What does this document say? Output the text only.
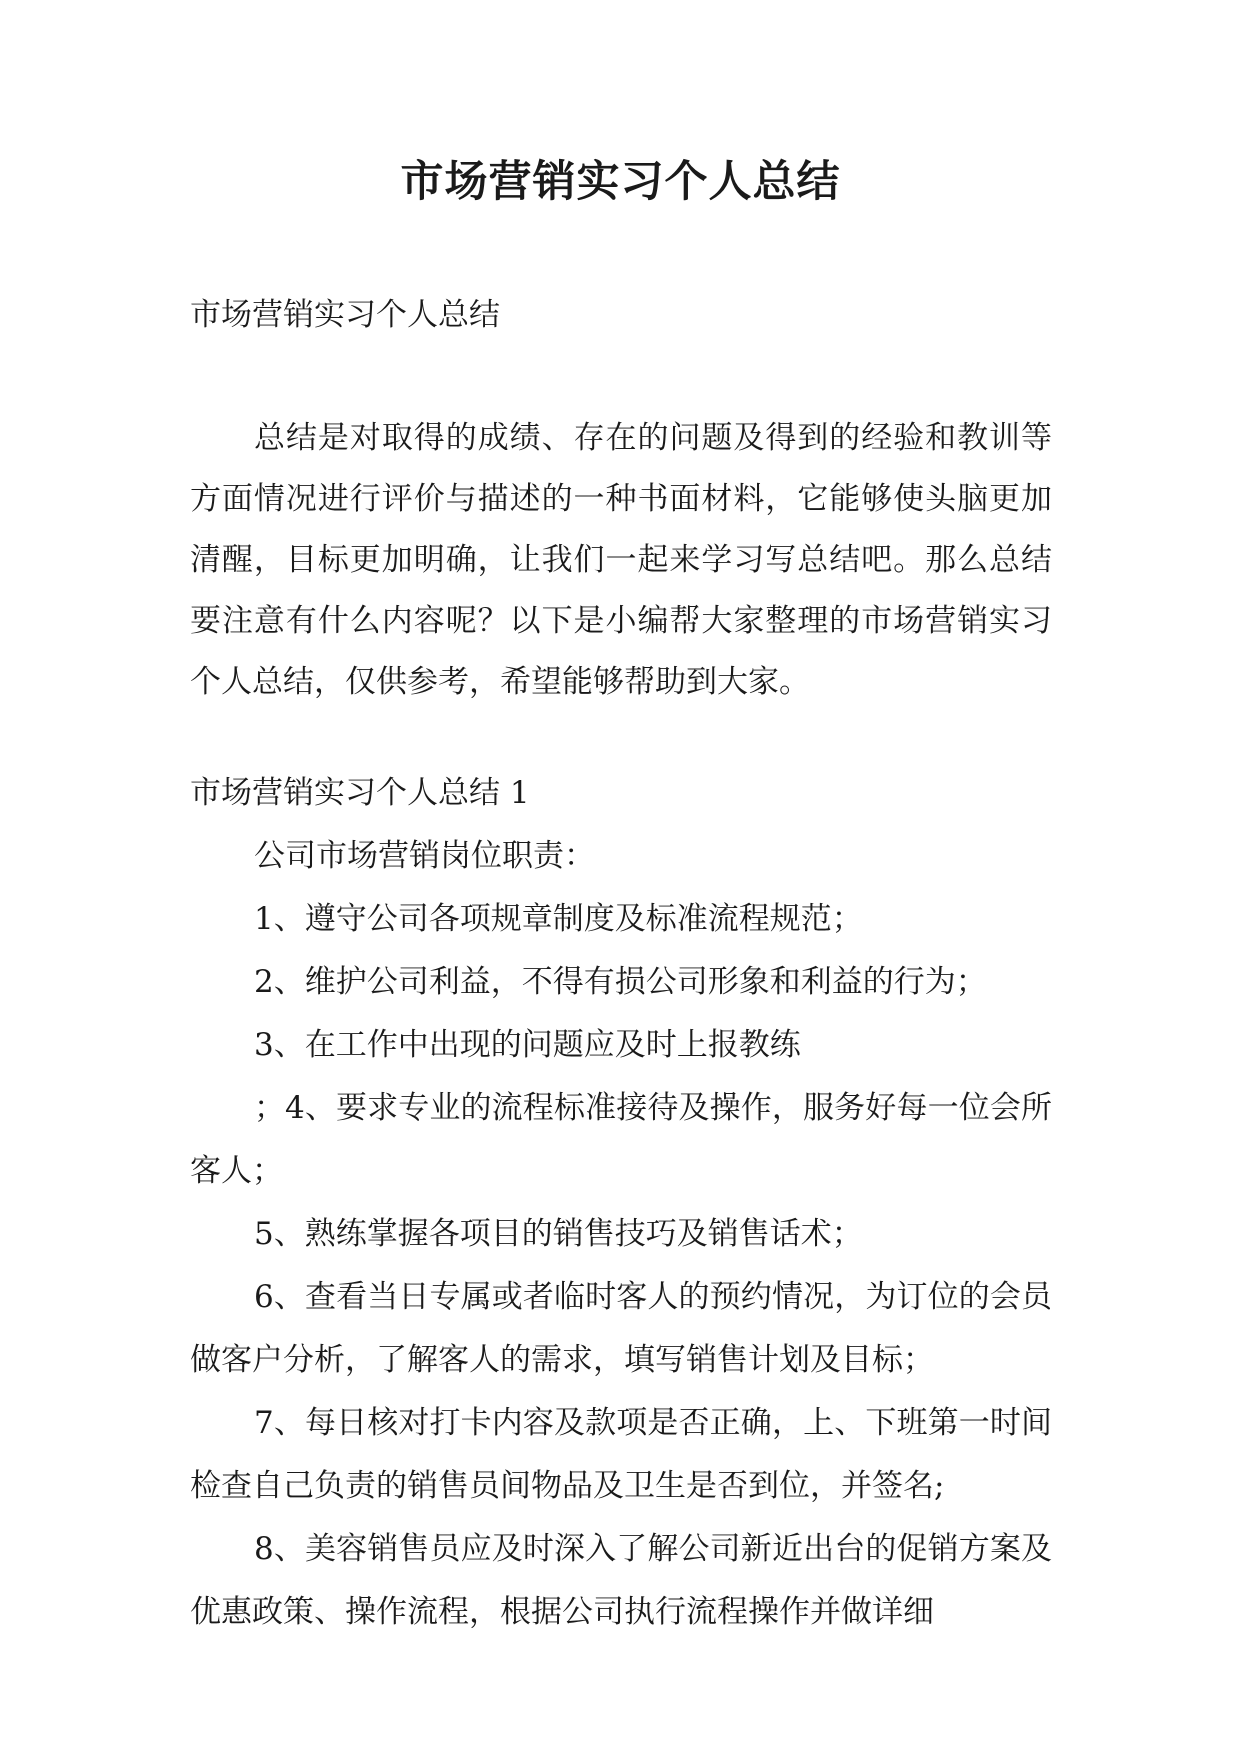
市场营销实习个人总结
市场营销实习个人总结
总结是对取得的成绩、存在的问题及得到的经验和教训等方面情况进行评价与描述的一种书面材料，它能够使头脑更加清醒，目标更加明确，让我们一起来学习写总结吧。那么总结要注意有什么内容呢？以下是小编帮大家整理的市场营销实习个人总结，仅供参考，希望能够帮助到大家。

市场营销实习个人总结 1

公司市场营销岗位职责：

1、遵守公司各项规章制度及标准流程规范；

2、维护公司利益，不得有损公司形象和利益的行为；

3、在工作中出现的问题应及时上报教练

；4、要求专业的流程标准接待及操作，服务好每一位会所客人；

5、熟练掌握各项目的销售技巧及销售话术；

6、查看当日专属或者临时客人的预约情况，为订位的会员做客户分析，了解客人的需求，填写销售计划及目标；

7、每日核对打卡内容及款项是否正确，上、下班第一时间检查自己负责的销售员间物品及卫生是否到位，并签名;

8、美容销售员应及时深入了解公司新近出台的促销方案及优惠政策、操作流程，根据公司执行流程操作并做详细
